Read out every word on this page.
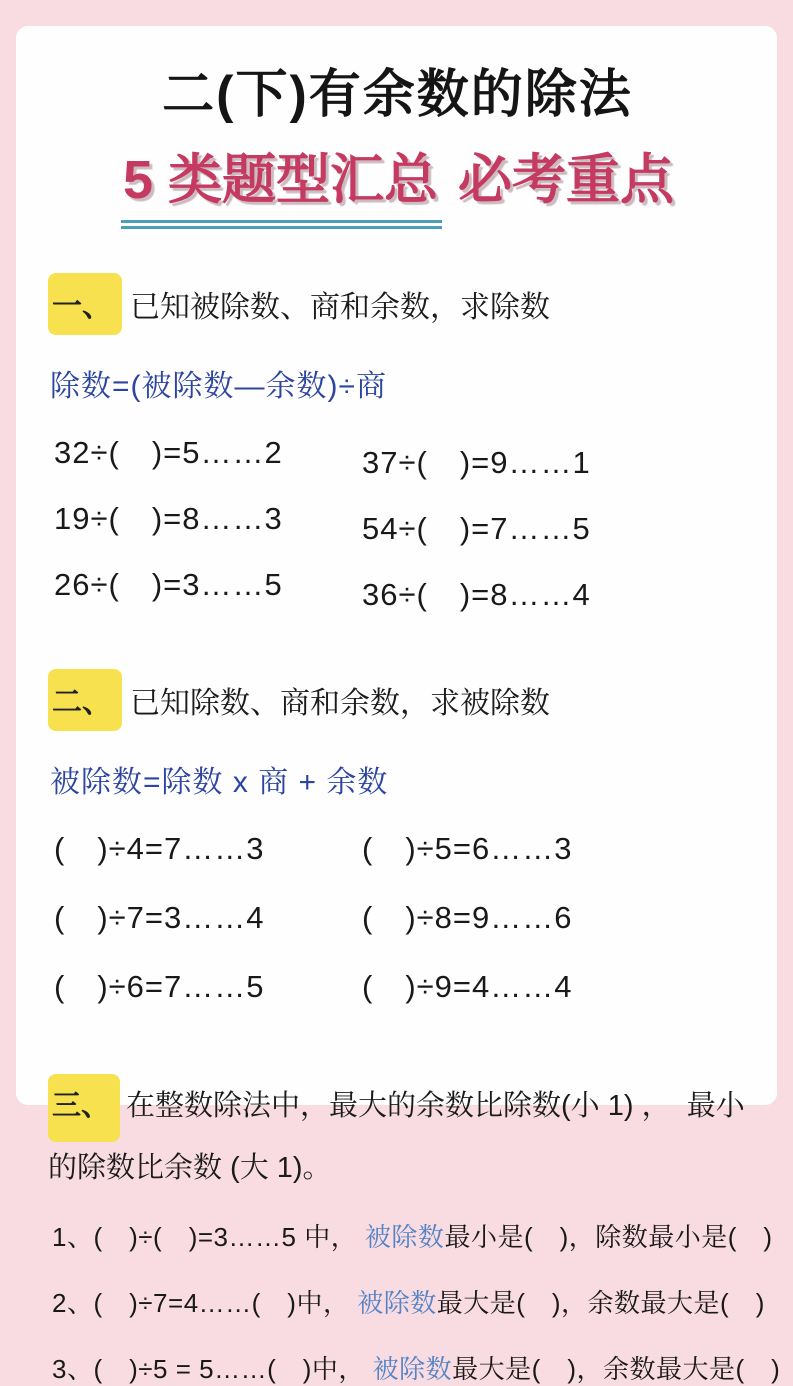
二(下)有余数的除法
5 类题型汇总 必考重点
一、 已知被除数、商和余数，求除数
除数=(被除数—余数)÷商
32÷(　)=5……2
19÷(　)=8……3
26÷(　)=3……5
37÷(　)=9……1
54÷(　)=7……5
36÷(　)=8……4
二、 已知除数、商和余数，求被除数
被除数=除数 x 商 + 余数
(　)÷4=7……3
(　)÷7=3……4
(　)÷6=7……5
(　)÷5=6……3
(　)÷8=9……6
(　)÷9=4……4
三、 在整数除法中，最大的余数比除数(小 1) ，  最小的除数比余数 (大 1)。
1、(　)÷(　)=3……5 中， 被除数最小是(　)，除数最小是(　)
2、(　)÷7=4……(　)中， 被除数最大是(　)，余数最大是(　)
3、(　)÷5 = 5……(　)中， 被除数最大是(　)，余数最大是(　)
